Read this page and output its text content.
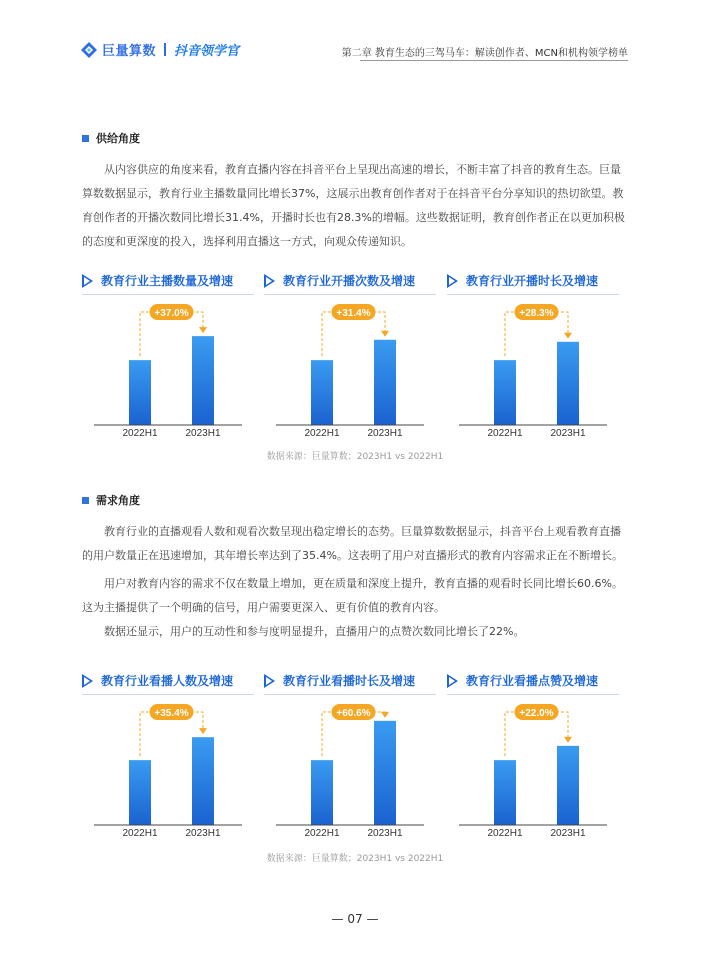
巨量算数 抖音领学官	第二章 教育生态的三驾马车：解读创作者、MCN和机构领学榜单
供给角度
从内容供应的角度来看，教育直播内容在抖音平台上呈现出高速的增长，不断丰富了抖音的教育生态。巨量算数数据显示，教育行业主播数量同比增长37%，这展示出教育创作者对于在抖音平台分享知识的热切欲望。教育创作者的开播次数同比增长31.4%，开播时长也有28.3%的增幅。这些数据证明，教育创作者正在以更加积极的态度和更深度的投入，选择利用直播这一方式，向观众传递知识。
教育行业主播数量及增速	教育行业开播次数及增速	教育行业开播时长及增速
2022H1	2023H1
+37.0%
2022H1	2023H1
+31.4%
2022H1	2023H1
+28.3%
数据来源：巨量算数；2023H1 vs 2022H1
需求角度
教育行业的直播观看人数和观看次数呈现出稳定增长的态势。巨量算数数据显示，抖音平台上观看教育直播的用户数量正在迅速增加，其年增长率达到了35.4%。这表明了用户对直播形式的教育内容需求正在不断增长。
用户对教育内容的需求不仅在数量上增加，更在质量和深度上提升，教育直播的观看时长同比增长60.6%。这为主播提供了一个明确的信号，用户需要更深入、更有价值的教育内容。
数据还显示，用户的互动性和参与度明显提升，直播用户的点赞次数同比增长了22%。
教育行业看播人数及增速	教育行业看播时长及增速	教育行业看播点赞及增速
2022H1	2023H1
+35.4%
2022H1	2023H1
+60.6%
2022H1	2023H1
+22.0%
数据来源：巨量算数；2023H1 vs 2022H1
— 07 —
